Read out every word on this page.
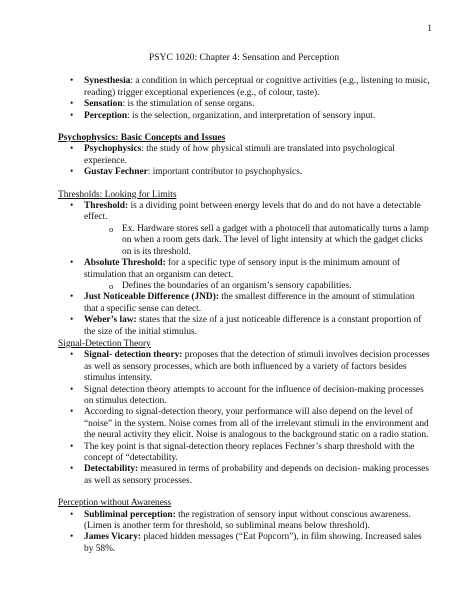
1
PSYC 1020: Chapter 4: Sensation and Perception
• Synesthesia: a condition in which perceptual or cognitive activities (e.g., listening to music, reading) trigger exceptional experiences (e.g., of colour, taste).
• Sensation: is the stimulation of sense organs.
• Perception: is the selection, organization, and interpretation of sensory input.
Psychophysics: Basic Concepts and Issues
• Psychophysics: the study of how physical stimuli are translated into psychological experience.
• Gustav Fechner: important contributor to psychophysics.
Thresholds: Looking for Limits
• Threshold: is a dividing point between energy levels that do and do not have a detectable effect.
o Ex. Hardware stores sell a gadget with a photocell that automatically turns a lamp on when a room gets dark. The level of light intensity at which the gadget clicks on is its threshold.
• Absolute Threshold: for a specific type of sensory input is the minimum amount of stimulation that an organism can detect.
o Defines the boundaries of an organism’s sensory capabilities.
• Just Noticeable Difference (JND): the smallest difference in the amount of stimulation that a specific sense can detect.
• Weber’s law: states that the size of a just noticeable difference is a constant proportion of the size of the initial stimulus.
Signal-Detection Theory
• Signal- detection theory: proposes that the detection of stimuli involves decision processes as well as sensory processes, which are both influenced by a variety of factors besides stimulus intensity.
• Signal detection theory attempts to account for the influence of decision-making processes on stimulus detection.
• According to signal-detection theory, your performance will also depend on the level of “noise” in the system. Noise comes from all of the irrelevant stimuli in the environment and the neural activity they elicit. Noise is analogous to the background static on a radio station.
• The key point is that signal-detection theory replaces Fechner’s sharp threshold with the concept of “detectability.
• Detectability: measured in terms of probability and depends on decision- making processes as well as sensory processes.
Perception without Awareness
• Subliminal perception: the registration of sensory input without conscious awareness. (Limen is another term for threshold, so subliminal means below threshold).
• James Vicary: placed hidden messages (“Eat Popcorn”), in film showing. Increased sales by 58%.
